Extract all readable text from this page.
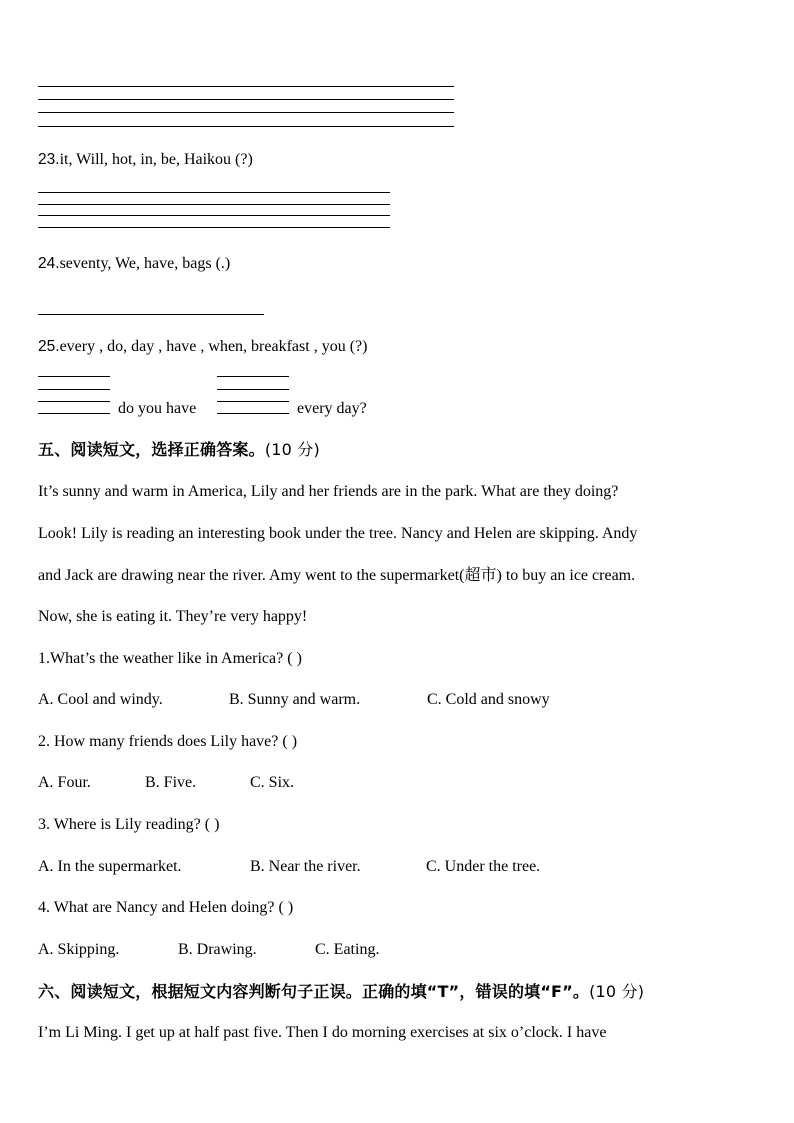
23.it, Will, hot, in, be, Haikou (?)
24.seventy, We, have, bags (.)
25.every , do, day , have , when, breakfast , you (?)
do you have	every day?
五、阅读短文，选择正确答案。(10 分)
It’s sunny and warm in America, Lily and her friends are in the park. What are they doing?
Look! Lily is reading an interesting book under the tree. Nancy and Helen are skipping. Andy
and Jack are drawing near the river. Amy went to the supermarket(超市) to buy an ice cream.
Now, she is eating it. They’re very happy!
1.What’s the weather like in America? ( )
A. Cool and windy.	B. Sunny and warm.	C. Cold and snowy
2. How many friends does Lily have? ( )
A. Four.	B. Five.	C. Six.
3. Where is Lily reading? ( )
A. In the supermarket.	B. Near the river.	C. Under the tree.
4. What are Nancy and Helen doing? ( )
A. Skipping.	B. Drawing.	C. Eating.
六、阅读短文，根据短文内容判断句子正误。正确的填“T”，错误的填“F”。(10 分)
I’m Li Ming. I get up at half past five. Then I do morning exercises at six o’clock. I have
